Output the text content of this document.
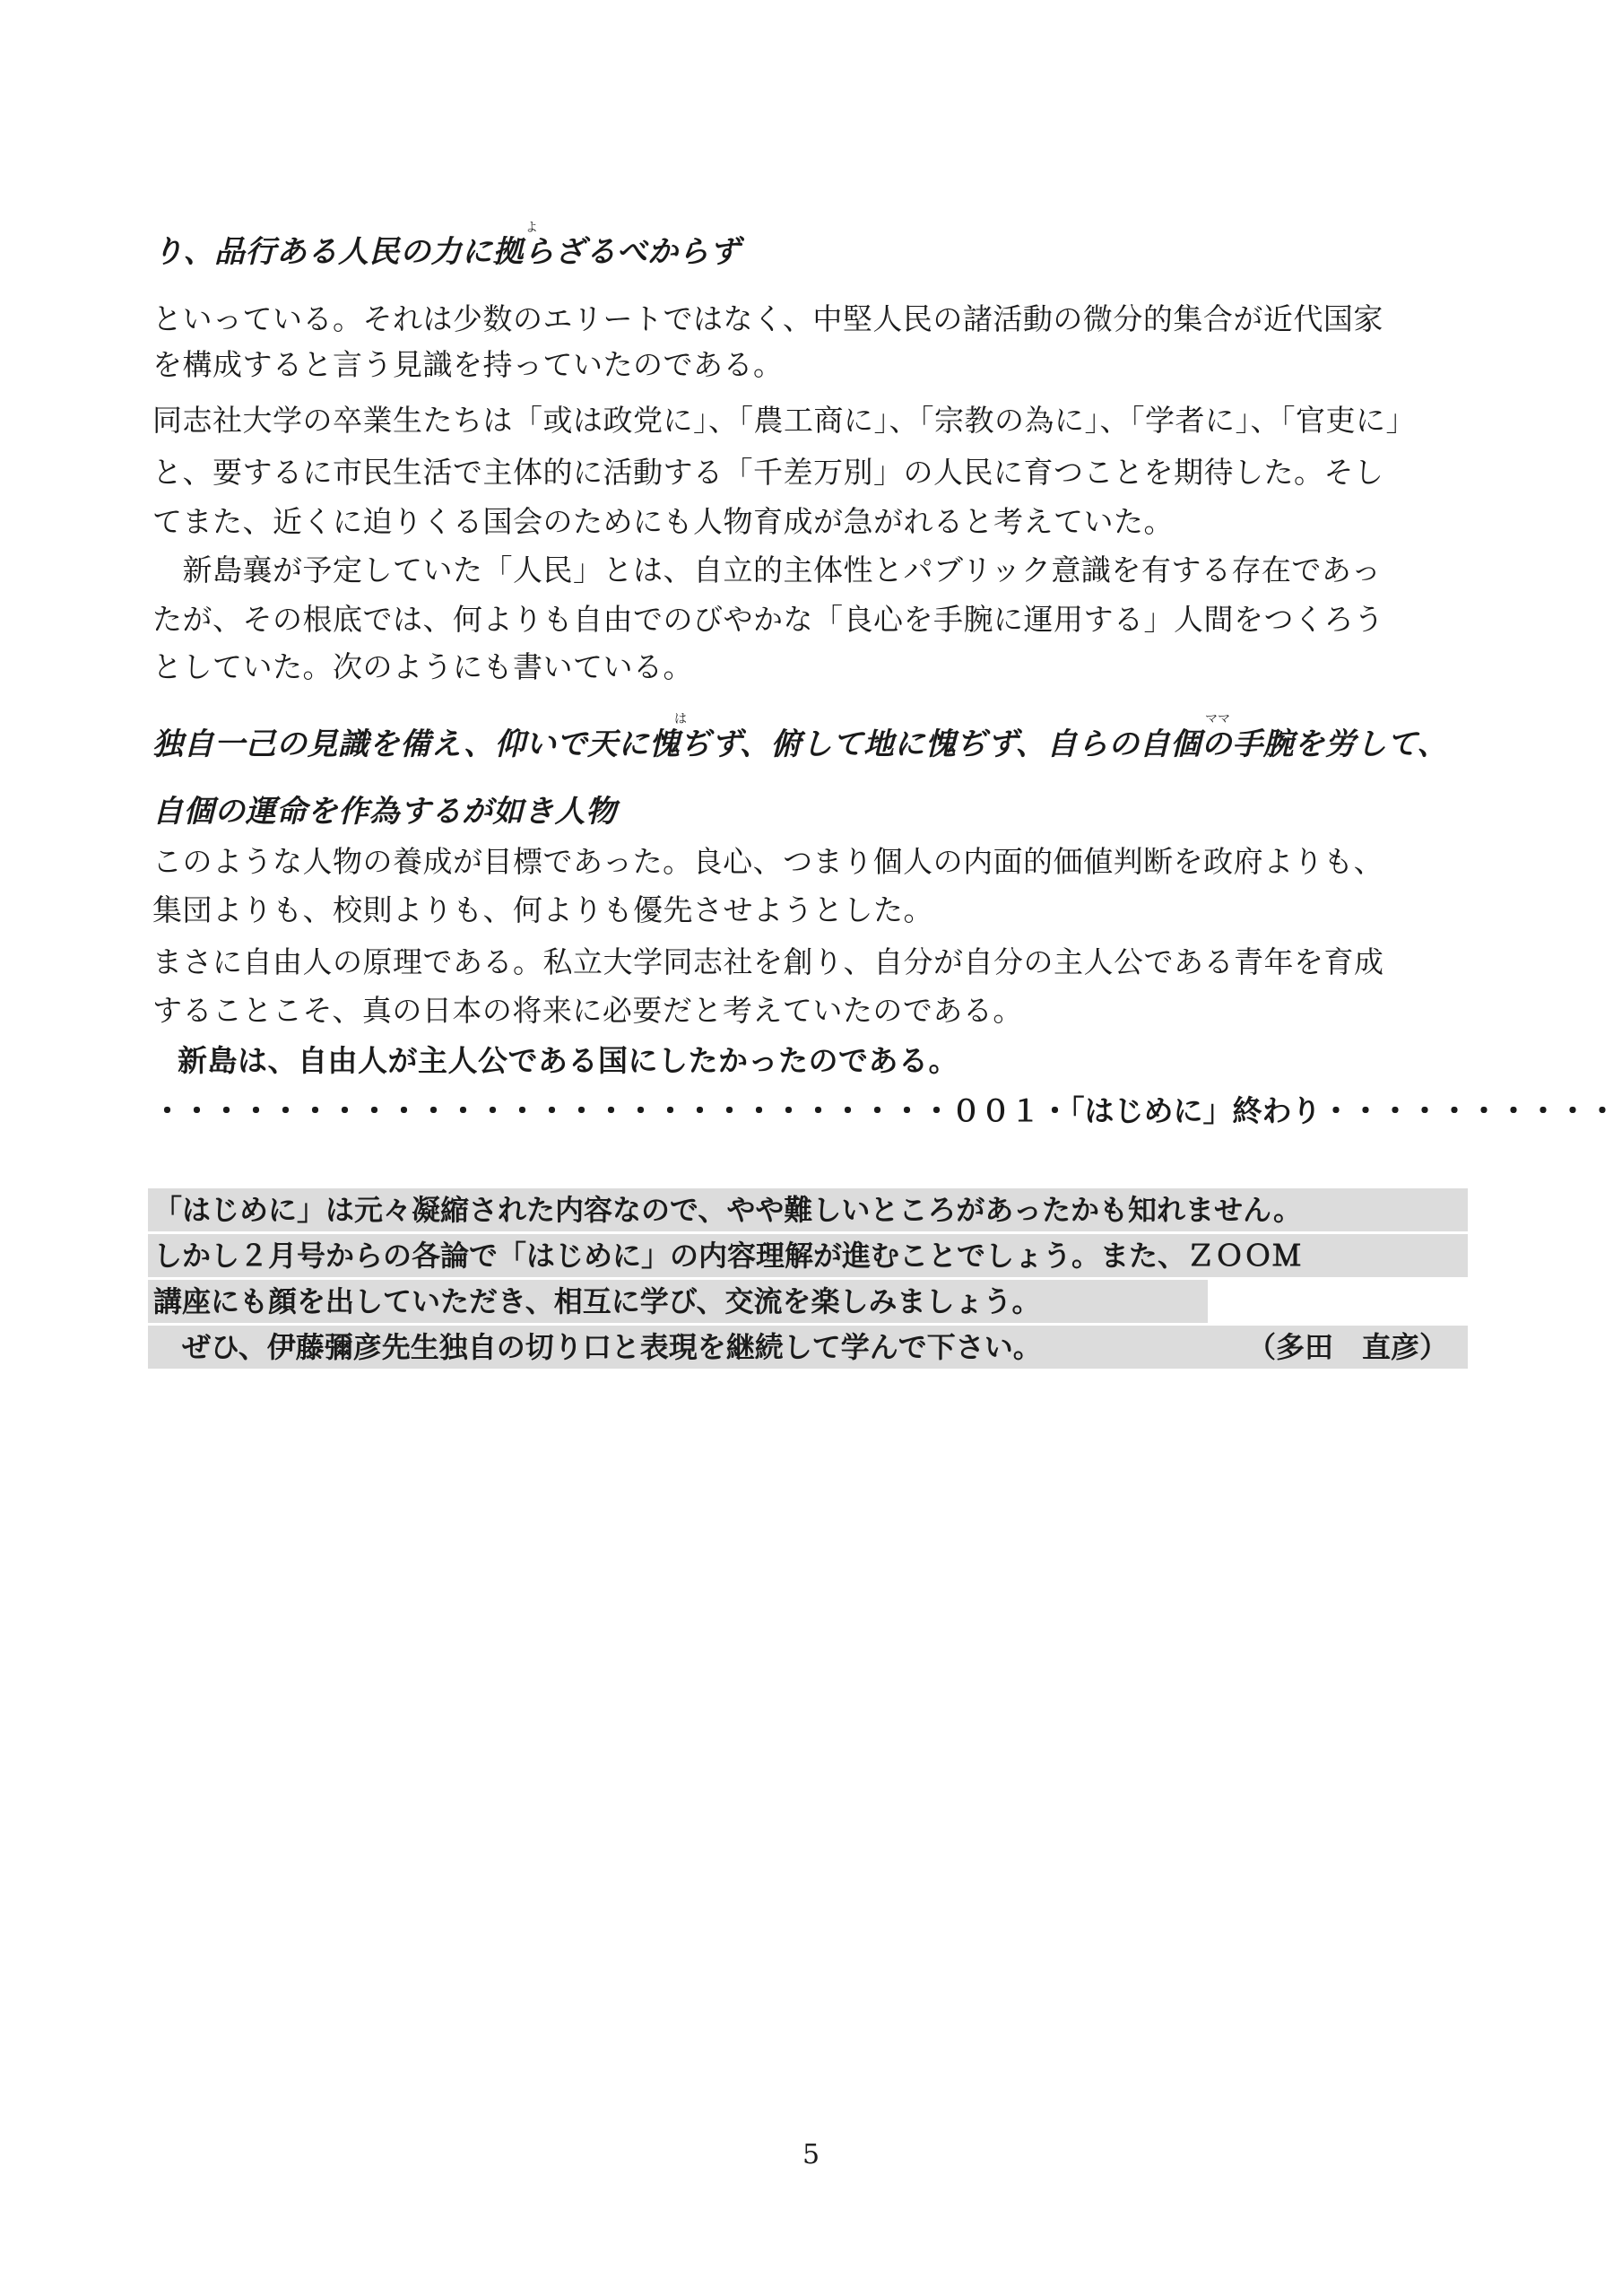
よ
り、品行ある人民の力に拠らざるべからず
といっている。それは少数のエリートではなく、中堅人民の諸活動の微分的集合が近代国家
を構成すると言う見識を持っていたのである。
同志社大学の卒業生たちは「或は政党に」、「農工商に」、「宗教の為に」、「学者に」、「官吏に」
と、要するに市民生活で主体的に活動する「千差万別」の人民に育つことを期待した。そし
てまた、近くに迫りくる国会のためにも人物育成が急がれると考えていた。
　新島襄が予定していた「人民」とは、自立的主体性とパブリック意識を有する存在であっ
たが、その根底では、何よりも自由でのびやかな「良心を手腕に運用する」人間をつくろう
としていた。次のようにも書いている。
は	ママ
独自一己の見識を備え、仰いで天に愧ぢず、俯して地に愧ぢず、自らの自個の手腕を労して、
自個の運命を作為するが如き人物
このような人物の養成が目標であった。良心、つまり個人の内面的価値判断を政府よりも、
集団よりも、校則よりも、何よりも優先させようとした。
まさに自由人の原理である。私立大学同志社を創り、自分が自分の主人公である青年を育成
することこそ、真の日本の将来に必要だと考えていたのである。
新島は、自由人が主人公である国にしたかったのである。
・・・・・・・・・・・・・・・・・・・・・・・・・・・００１・「はじめに」終わり・・・・・・・・・・
「はじめに」は元々凝縮された内容なので、やや難しいところがあったかも知れません。
しかし２月号からの各論で「はじめに」の内容理解が進むことでしょう。また、ＺＯＯＭ
講座にも顔を出していただき、相互に学び、交流を楽しみましょう。
　ぜひ、伊藤彌彦先生独自の切り口と表現を継続して学んで下さい。	（多田　直彦）
5
